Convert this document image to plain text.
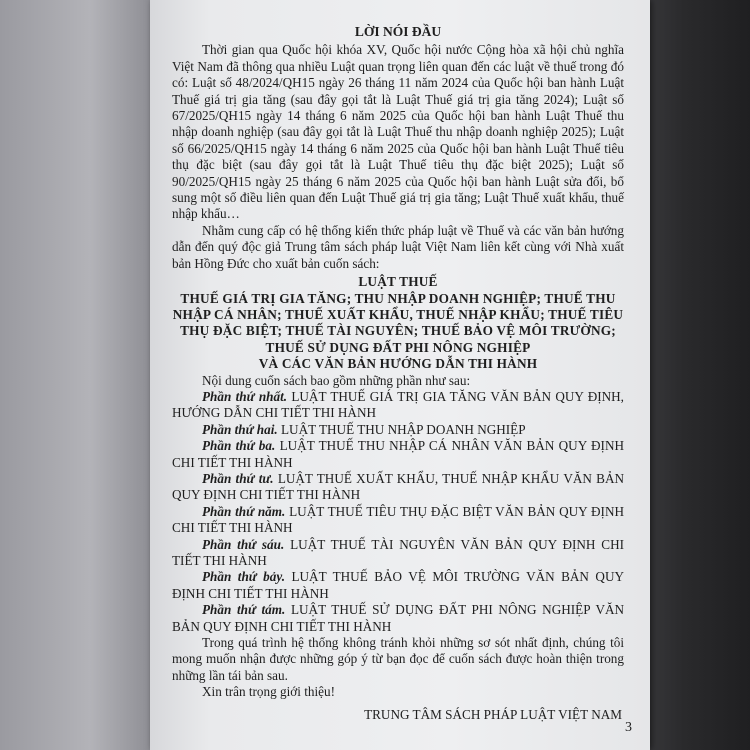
LỜI NÓI ĐẦU

Thời gian qua Quốc hội khóa XV, Quốc hội nước Cộng hòa xã hội chủ nghĩa Việt Nam đã thông qua nhiều Luật quan trọng liên quan đến các luật về thuế trong đó có: Luật số 48/2024/QH15 ngày 26 tháng 11 năm 2024 của Quốc hội ban hành Luật Thuế giá trị gia tăng (sau đây gọi tắt là Luật Thuế giá trị gia tăng 2024); Luật số 67/2025/QH15 ngày 14 tháng 6 năm 2025 của Quốc hội ban hành Luật Thuế thu nhập doanh nghiệp (sau đây gọi tắt là Luật Thuế thu nhập doanh nghiệp 2025); Luật số 66/2025/QH15 ngày 14 tháng 6 năm 2025 của Quốc hội ban hành Luật Thuế tiêu thụ đặc biệt (sau đây gọi tắt là Luật Thuế tiêu thụ đặc biệt 2025); Luật số 90/2025/QH15 ngày 25 tháng 6 năm 2025 của Quốc hội ban hành Luật sửa đổi, bổ sung một số điều liên quan đến Luật Thuế giá trị gia tăng; Luật Thuế xuất khẩu, thuế nhập khẩu…

Nhằm cung cấp có hệ thống kiến thức pháp luật về Thuế và các văn bản hướng dẫn đến quý độc giả Trung tâm sách pháp luật Việt Nam liên kết cùng với Nhà xuất bản Hồng Đức cho xuất bản cuốn sách:

LUẬT THUẾ
THUẾ GIÁ TRỊ GIA TĂNG; THU NHẬP DOANH NGHIỆP; THUẾ THU NHẬP CÁ NHÂN; THUẾ XUẤT KHẨU, THUẾ NHẬP KHẨU; THUẾ TIÊU THỤ ĐẶC BIỆT; THUẾ TÀI NGUYÊN; THUẾ BẢO VỆ MÔI TRƯỜNG; THUẾ SỬ DỤNG ĐẤT PHI NÔNG NGHIỆP
VÀ CÁC VĂN BẢN HƯỚNG DẪN THI HÀNH

Nội dung cuốn sách bao gồm những phần như sau:

Phần thứ nhất. LUẬT THUẾ GIÁ TRỊ GIA TĂNG VĂN BẢN QUY ĐỊNH, HƯỚNG DẪN CHI TIẾT THI HÀNH

Phần thứ hai. LUẬT THUẾ THU NHẬP DOANH NGHIỆP

Phần thứ ba. LUẬT THUẾ THU NHẬP CÁ NHÂN VĂN BẢN QUY ĐỊNH CHI TIẾT THI HÀNH

Phần thứ tư. LUẬT THUẾ XUẤT KHẨU, THUẾ NHẬP KHẨU VĂN BẢN QUY ĐỊNH CHI TIẾT THI HÀNH

Phần thứ năm. LUẬT THUẾ TIÊU THỤ ĐẶC BIỆT VĂN BẢN QUY ĐỊNH CHI TIẾT THI HÀNH

Phần thứ sáu. LUẬT THUẾ TÀI NGUYÊN VĂN BẢN QUY ĐỊNH CHI TIẾT THI HÀNH

Phần thứ bảy. LUẬT THUẾ BẢO VỆ MÔI TRƯỜNG VĂN BẢN QUY ĐỊNH CHI TIẾT THI HÀNH

Phần thứ tám. LUẬT THUẾ SỬ DỤNG ĐẤT PHI NÔNG NGHIỆP VĂN BẢN QUY ĐỊNH CHI TIẾT THI HÀNH

Trong quá trình hệ thống không tránh khỏi những sơ sót nhất định, chúng tôi mong muốn nhận được những góp ý từ bạn đọc để cuốn sách được hoàn thiện trong những lần tái bản sau.

Xin trân trọng giới thiệu!

TRUNG TÂM SÁCH PHÁP LUẬT VIỆT NAM
3
